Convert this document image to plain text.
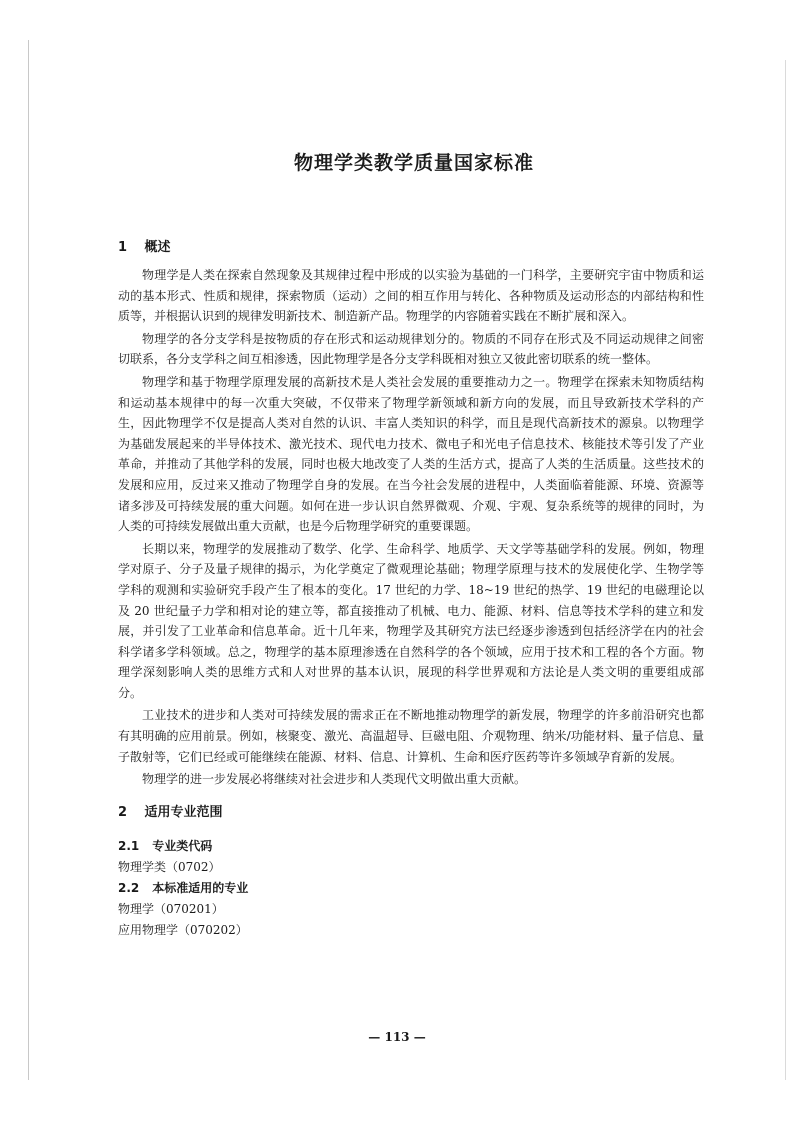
物理学类教学质量国家标准
1 概述

物理学是人类在探索自然现象及其规律过程中形成的以实验为基础的一门科学，主要研究宇宙中物质和运动的基本形式、性质和规律，探索物质（运动）之间的相互作用与转化、各种物质及运动形态的内部结构和性质等，并根据认识到的规律发明新技术、制造新产品。物理学的内容随着实践在不断扩展和深入。

物理学的各分支学科是按物质的存在形式和运动规律划分的。物质的不同存在形式及不同运动规律之间密切联系，各分支学科之间互相渗透，因此物理学是各分支学科既相对独立又彼此密切联系的统一整体。

物理学和基于物理学原理发展的高新技术是人类社会发展的重要推动力之一。物理学在探索未知物质结构和运动基本规律中的每一次重大突破，不仅带来了物理学新领域和新方向的发展，而且导致新技术学科的产生，因此物理学不仅是提高人类对自然的认识、丰富人类知识的科学，而且是现代高新技术的源泉。以物理学为基础发展起来的半导体技术、激光技术、现代电力技术、微电子和光电子信息技术、核能技术等引发了产业革命，并推动了其他学科的发展，同时也极大地改变了人类的生活方式，提高了人类的生活质量。这些技术的发展和应用，反过来又推动了物理学自身的发展。在当今社会发展的进程中，人类面临着能源、环境、资源等诸多涉及可持续发展的重大问题。如何在进一步认识自然界微观、介观、宇观、复杂系统等的规律的同时，为人类的可持续发展做出重大贡献，也是今后物理学研究的重要课题。

长期以来，物理学的发展推动了数学、化学、生命科学、地质学、天文学等基础学科的发展。例如，物理学对原子、分子及量子规律的揭示，为化学奠定了微观理论基础；物理学原理与技术的发展使化学、生物学等学科的观测和实验研究手段产生了根本的变化。17 世纪的力学、18~19 世纪的热学、19 世纪的电磁理论以及 20 世纪量子力学和相对论的建立等，都直接推动了机械、电力、能源、材料、信息等技术学科的建立和发展，并引发了工业革命和信息革命。近十几年来，物理学及其研究方法已经逐步渗透到包括经济学在内的社会科学诸多学科领域。总之，物理学的基本原理渗透在自然科学的各个领域，应用于技术和工程的各个方面。物理学深刻影响人类的思维方式和人对世界的基本认识，展现的科学世界观和方法论是人类文明的重要组成部分。

工业技术的进步和人类对可持续发展的需求正在不断地推动物理学的新发展，物理学的许多前沿研究也都有其明确的应用前景。例如，核聚变、激光、高温超导、巨磁电阻、介观物理、纳米/功能材料、量子信息、量子散射等，它们已经或可能继续在能源、材料、信息、计算机、生命和医疗医药等许多领域孕育新的发展。

物理学的进一步发展必将继续对社会进步和人类现代文明做出重大贡献。

2 适用专业范围
2.1 专业类代码

物理学类（0702）

2.2 本标准适用的专业

物理学（070201）

应用物理学（070202）

— 113 —
